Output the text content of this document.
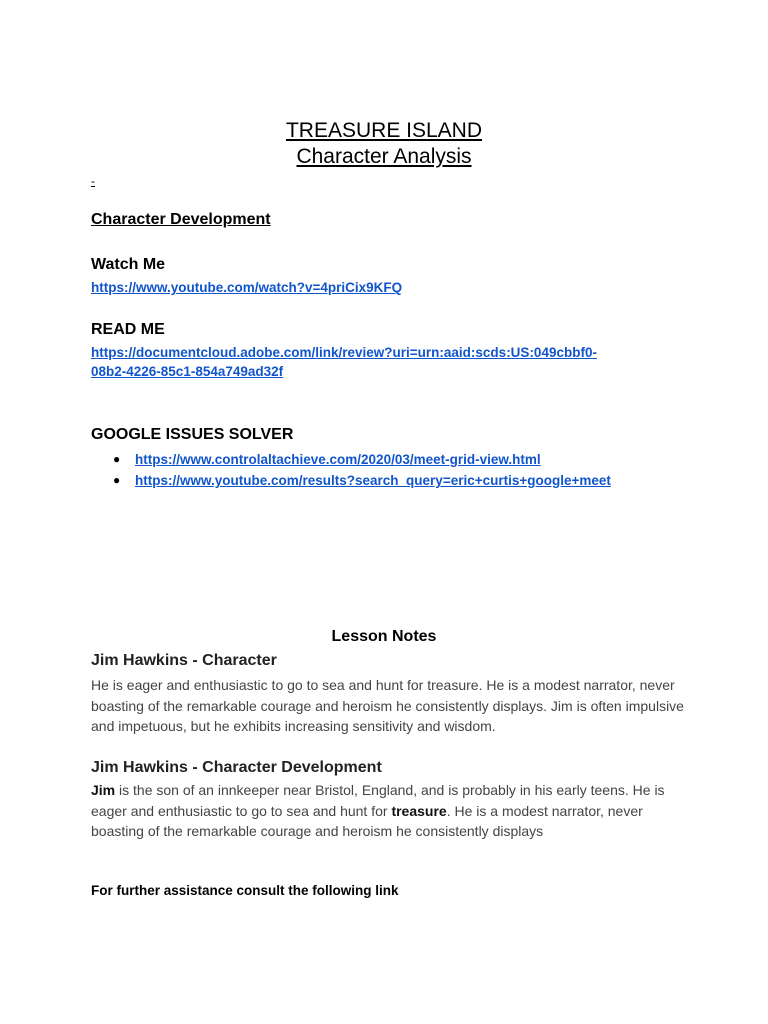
TREASURE ISLAND

Character Analysis

-

Character Development

Watch Me

https://www.youtube.com/watch?v=4priCix9KFQ

READ ME

https://documentcloud.adobe.com/link/review?uri=urn:aaid:scds:US:049cbbf0-
08b2-4226-85c1-854a749ad32f

GOOGLE ISSUES SOLVER

● https://www.controlaltachieve.com/2020/03/meet-grid-view.html
● https://www.youtube.com/results?search_query=eric+curtis+google+meet

Lesson Notes

Jim Hawkins - Character

He is eager and enthusiastic to go to sea and hunt for treasure. He is a modest narrator, never boasting of the remarkable courage and heroism he consistently displays. Jim is often impulsive and impetuous, but he exhibits increasing sensitivity and wisdom.

Jim Hawkins - Character Development

Jim is the son of an innkeeper near Bristol, England, and is probably in his early teens. He is eager and enthusiastic to go to sea and hunt for treasure. He is a modest narrator, never boasting of the remarkable courage and heroism he consistently displays

For further assistance consult the following link
